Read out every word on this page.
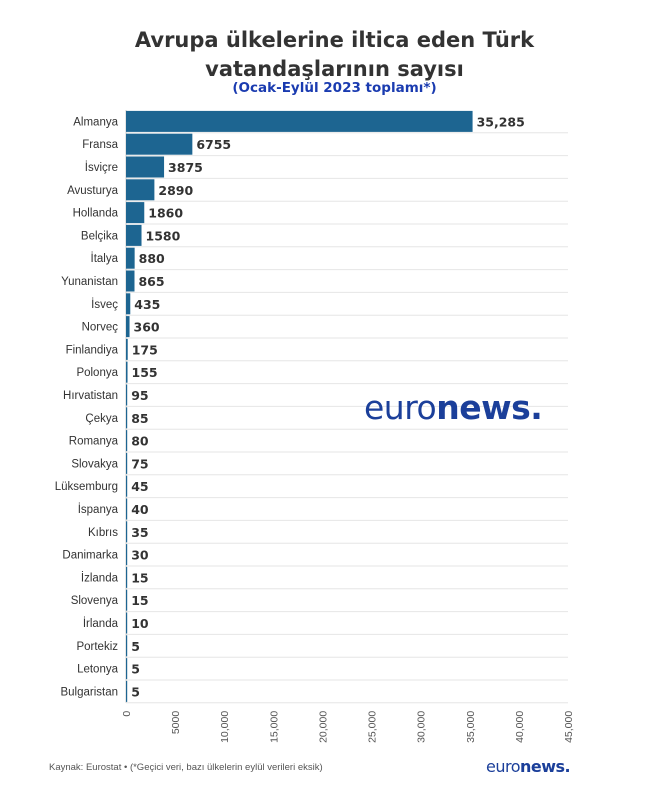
Avrupa ülkelerine iltica eden Türk
vatandaşlarının sayısı
(Ocak-Eylül 2023 toplamı*)
0	5000	10,000	15,000	20,000	25,000	30,000	35,000	40,000	45,000
Almanya	35,285
Fransa	6755
İsviçre	3875
Avusturya	2890
Hollanda 1860
Belçika 1580
İtalya 880
Yunanistan 865
İsveç 435
Norveç 360
Finlandiya 175
Polonya 155
Hırvatistan 95
Çekya 85
Romanya 80
Slovakya 75
Lüksemburg 45
İspanya 40
Kıbrıs 35
Danimarka 30
İzlanda 15
Slovenya 15
İrlanda 10
Portekiz 5
Letonya 5
Bulgaristan 5
euronews.
Kaynak: Eurostat • (*Geçici veri, bazı ülkelerin eylül verileri eksik)	euronews.
